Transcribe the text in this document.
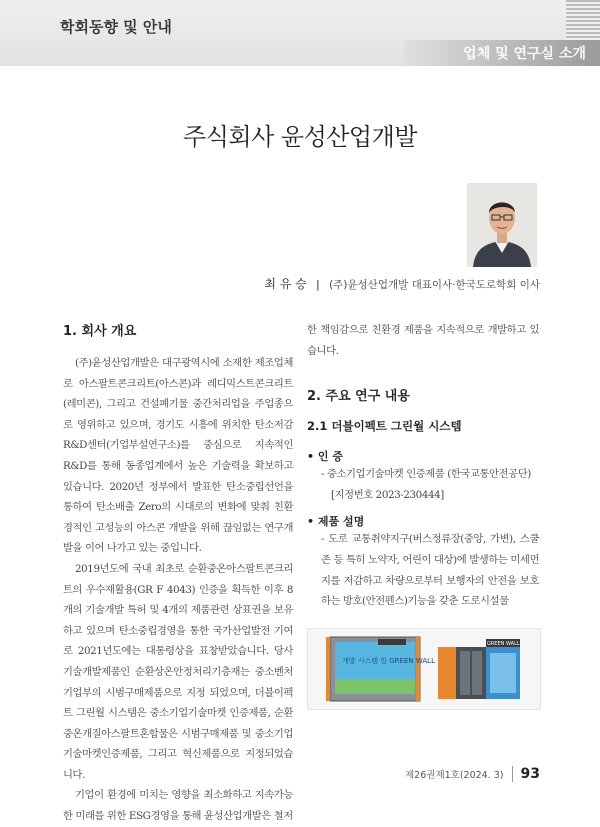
학회동향 및 안내
업체 및 연구실 소개
주식회사 윤성산업개발
최 유 승 | (주)윤성산업개발 대표이사·한국도로학회 이사
1. 회사 개요

(주)윤성산업개발은 대구광역시에 소재한 제조업체로 아스팔트콘크리트(아스콘)과 레디믹스트콘크리트(레미콘), 그리고 건설폐기물 중간처리업을 주업종으로 영위하고 있으며, 경기도 시흥에 위치한 탄소저감 R&D센터(기업부설연구소)를 중심으로 지속적인 R&D를 통해 동종업계에서 높은 기술력을 확보하고 있습니다. 2020년 정부에서 발표한 탄소중립선언을 통하여 탄소배출 Zero의 시대로의 변화에 맞춰 친환경적인 고성능의 아스콘 개발을 위해 끊임없는 연구개발을 이어 나가고 있는 중입니다.

2019년도에 국내 최초로 순환중온아스팔트콘크리트의 우수재활용(GR F 4043) 인증을 획득한 이후 8개의 기술개발 특허 및 4개의 제품관련 상표권을 보유하고 있으며 탄소중립경영을 통한 국가산업발전 기여로 2021년도에는 대통령상을 표창받았습니다. 당사 기술개발제품인 순환상온안정처리기층재는 중소벤처기업부의 시범구매제품으로 지정 되었으며, 더블이펙트 그린월 시스템은 중소기업기술마켓 인증제품, 순환중온개질아스팔트혼합물은 시범구매제품 및 중소기업기술마켓인증제품, 그리고 혁신제품으로 지정되었습니다.

기업이 환경에 미치는 영향을 최소화하고 지속가능한 미래를 위한 ESG경영을 통해 윤성산업개발은 철저

한 책임감으로 친환경 제품을 지속적으로 개발하고 있습니다.

2. 주요 연구 내용
2.1 더블이펙트 그린월 시스템
• 인 증

- 중소기업기술마켓 인증제품 (한국교통안전공단)

[지정번호 2023-230444]

• 제품 설명

- 도로 교통취약지구(버스정류장(중앙, 가변), 스쿨존 등 특히 노약자, 어린이 대상)에 발생하는 미세먼지를 저감하고 차량으로부터 보행자의 안전을 보호하는 방호(안전펜스)기능을 갖춘 도로시설물

개발 시스템 일 GREEN WALL
GREEN WALL
제26권제1호(2024. 3) 93
